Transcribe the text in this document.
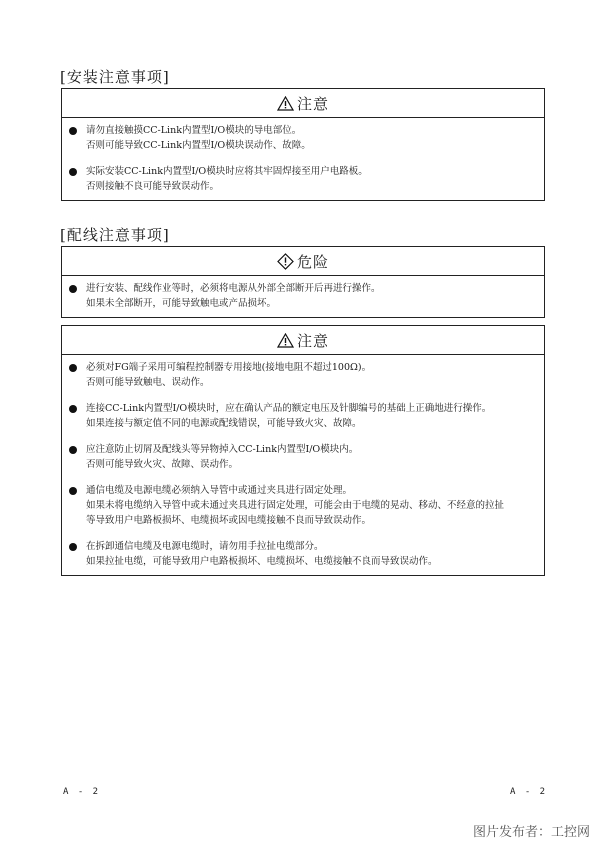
[安装注意事项]
注意
请勿直接触摸CC-Link内置型I/O模块的导电部位。
否则可能导致CC-Link内置型I/O模块误动作、故障。
实际安装CC-Link内置型I/O模块时应将其牢固焊接至用户电路板。
否则接触不良可能导致误动作。
[配线注意事项]
危险
进行安装、配线作业等时，必须将电源从外部全部断开后再进行操作。
如果未全部断开，可能导致触电或产品损坏。
注意
必须对FG端子采用可编程控制器专用接地(接地电阻不超过100Ω)。
否则可能导致触电、误动作。
连接CC-Link内置型I/O模块时，应在确认产品的额定电压及针脚编号的基础上正确地进行操作。
如果连接与额定值不同的电源或配线错误，可能导致火灾、故障。
应注意防止切屑及配线头等异物掉入CC-Link内置型I/O模块内。
否则可能导致火灾、故障、误动作。
通信电缆及电源电缆必须纳入导管中或通过夹具进行固定处理。
如果未将电缆纳入导管中或未通过夹具进行固定处理，可能会由于电缆的晃动、移动、不经意的拉扯
等导致用户电路板损坏、电缆损坏或因电缆接触不良而导致误动作。
在拆卸通信电缆及电源电缆时，请勿用手拉扯电缆部分。
如果拉扯电缆，可能导致用户电路板损坏、电缆损坏、电缆接触不良而导致误动作。
A - 2	A - 2
图片发布者：工控网
